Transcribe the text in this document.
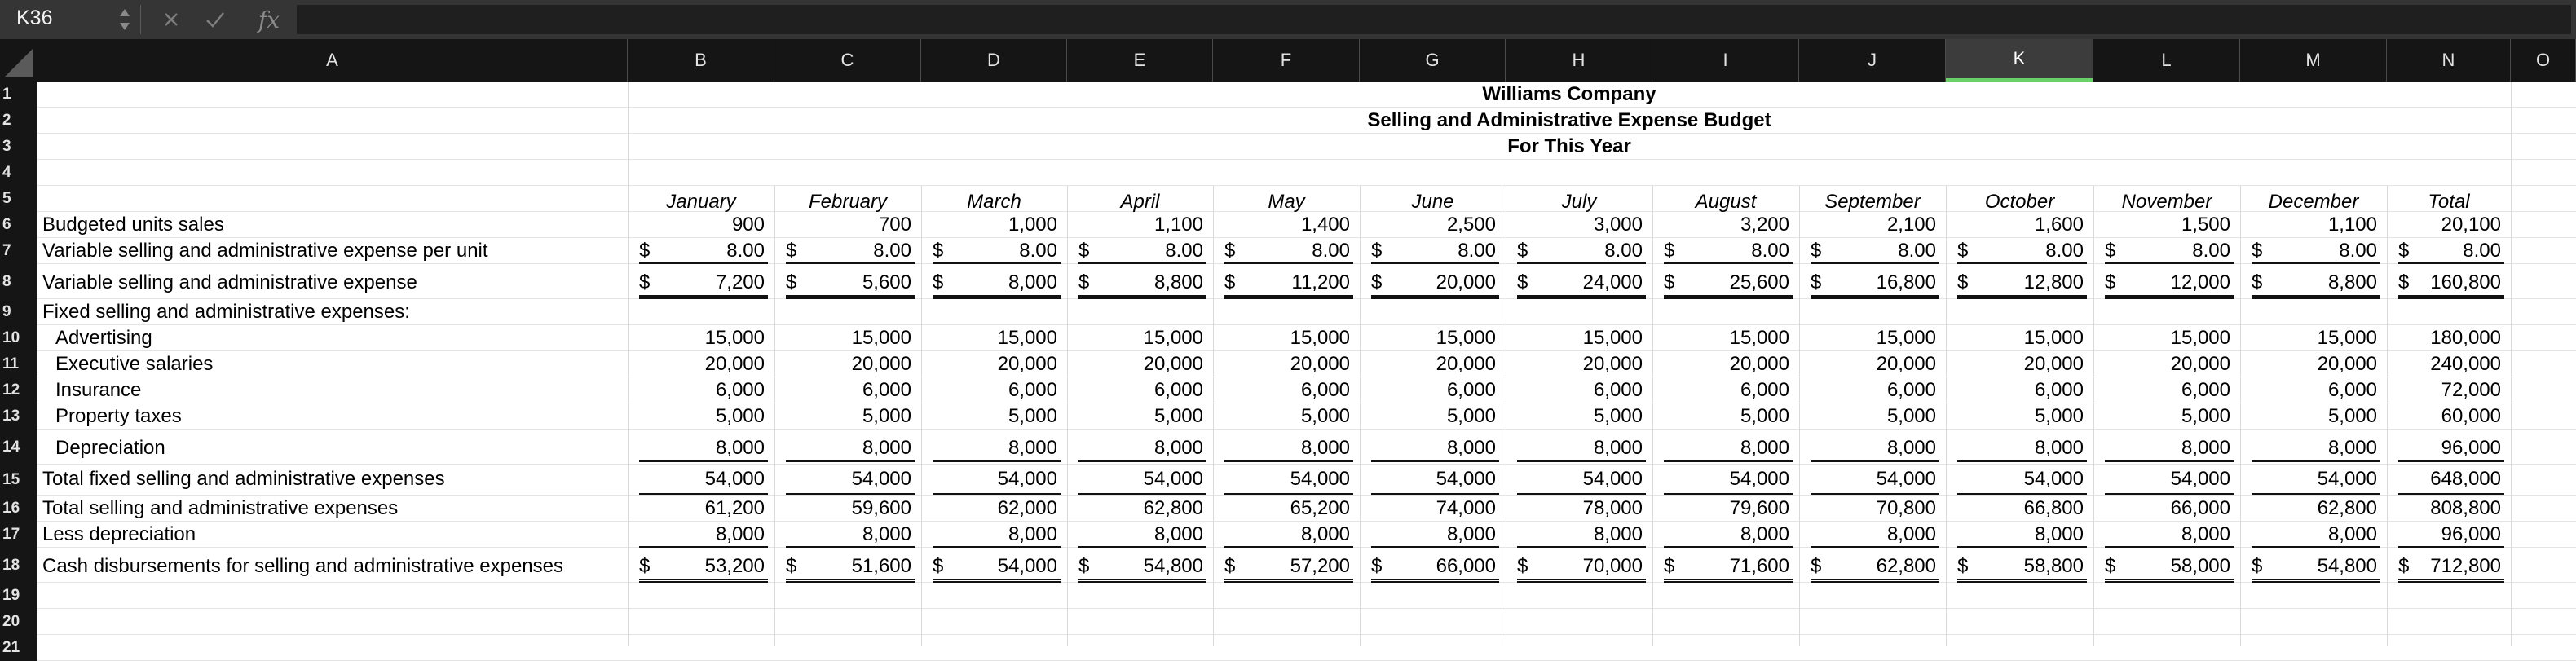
K36	fx
A	B	C	D	E	F	G	H	I	J	K	L	M	N	O
1
2
3
4
5
6
7
8
9
10
11
12
13
14
15
16
17
18
19
20
21
Williams Company
Selling and Administrative Expense Budget
For This Year
January	February	March	April	May	June	July	August	September	October	November	December	Total
Budgeted units sales	900	700	1,000	1,100	1,400	2,500	3,000	3,200	2,100	1,600	1,500	1,100	20,100
Variable selling and administrative expense per unit	$	8.00	$	8.00	$	8.00	$	8.00	$	8.00	$	8.00	$	8.00	$	8.00	$	8.00	$	8.00	$	8.00	$	8.00	$	8.00
Variable selling and administrative expense	$	7,200	$	5,600	$	8,000	$	8,800	$	11,200	$	20,000	$	24,000	$	25,600	$	16,800	$	12,800	$	12,000	$	8,800	$	160,800
Fixed selling and administrative expenses:
Advertising	15,000	15,000	15,000	15,000	15,000	15,000	15,000	15,000	15,000	15,000	15,000	15,000	180,000
Executive salaries	20,000	20,000	20,000	20,000	20,000	20,000	20,000	20,000	20,000	20,000	20,000	20,000	240,000
Insurance	6,000	6,000	6,000	6,000	6,000	6,000	6,000	6,000	6,000	6,000	6,000	6,000	72,000
Property taxes	5,000	5,000	5,000	5,000	5,000	5,000	5,000	5,000	5,000	5,000	5,000	5,000	60,000
Depreciation	8,000	8,000	8,000	8,000	8,000	8,000	8,000	8,000	8,000	8,000	8,000	8,000	96,000
Total fixed selling and administrative expenses	54,000	54,000	54,000	54,000	54,000	54,000	54,000	54,000	54,000	54,000	54,000	54,000	648,000
Total selling and administrative expenses	61,200	59,600	62,000	62,800	65,200	74,000	78,000	79,600	70,800	66,800	66,000	62,800	808,800
Less depreciation	8,000	8,000	8,000	8,000	8,000	8,000	8,000	8,000	8,000	8,000	8,000	8,000	96,000
Cash disbursements for selling and administrative expenses	$	53,200	$	51,600	$	54,000	$	54,800	$	57,200	$	66,000	$	70,000	$	71,600	$	62,800	$	58,800	$	58,000	$	54,800	$	712,800
